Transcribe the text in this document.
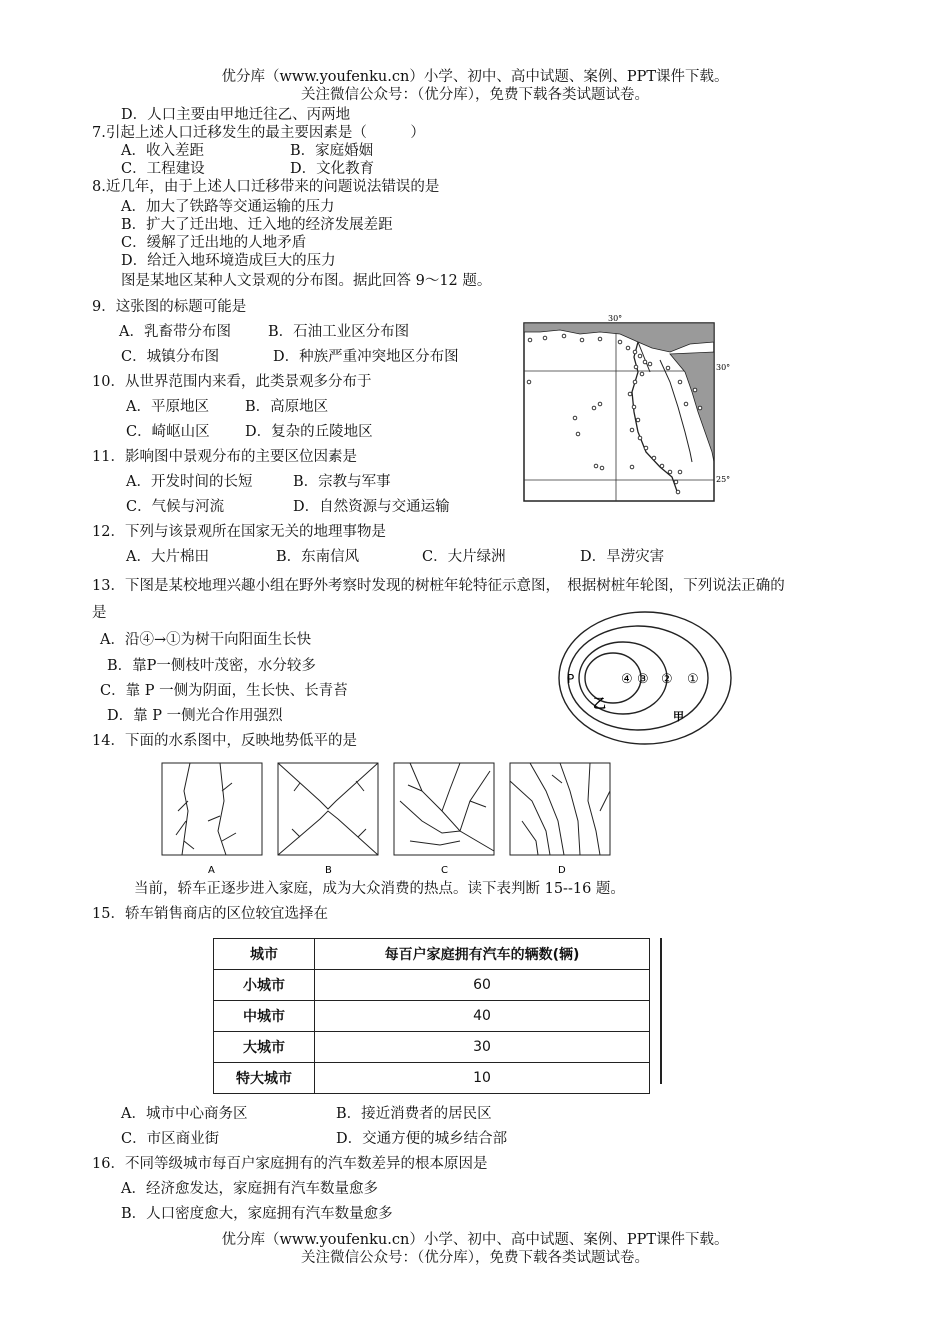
优分库（www.youfenku.cn）小学、初中、高中试题、案例、PPT课件下载。
关注微信公众号：（优分库），免费下载各类试题试卷。
D．人口主要由甲地迁往乙、丙两地
7.引起上述人口迁移发生的最主要因素是（　　　）
A．收入差距	B．家庭婚姻
C．工程建设	D．文化教育
8.近几年，由于上述人口迁移带来的问题说法错误的是
A．加大了铁路等交通运输的压力
B．扩大了迁出地、迁入地的经济发展差距
C．缓解了迁出地的人地矛盾
D．给迁入地环境造成巨大的压力
图是某地区某种人文景观的分布图。据此回答 9～12 题。
9．这张图的标题可能是
A．乳畜带分布图	B．石油工业区分布图
C．城镇分布图	D．种族严重冲突地区分布图
10．从世界范围内来看，此类景观多分布于
A．平原地区 B．高原地区
C．崎岖山区 D．复杂的丘陵地区
11．影响图中景观分布的主要区位因素是
A．开发时间的长短	B．宗教与军事
C．气候与河流	D．自然资源与交通运输
12．下列与该景观所在国家无关的地理事物是
A．大片棉田	B．东南信风	C．大片绿洲	D．旱涝灾害
30°
30°
25°
13．下图是某校地理兴趣小组在野外考察时发现的树桩年轮特征示意图，　根据树桩年轮图，下列说法正确的
是
A．沿④→①为树干向阳面生长快
B．靠P一侧枝叶茂密，水分较多
C．靠 P 一侧为阴面，生长快、长青苔
D．靠 P 一侧光合作用强烈
④ ③ ② ①
P
乙
甲
14．下面的水系图中，反映地势低平的是
A	B	C	D
当前，轿车正逐步进入家庭，成为大众消费的热点。读下表判断 15--16 题。
15．轿车销售商店的区位较宜选择在
城市	每百户家庭拥有汽车的辆数(辆)
小城市	60
中城市	40
大城市	30
特大城市	10
A．城市中心商务区	B．接近消费者的居民区
C．市区商业街	D．交通方便的城乡结合部
16．不同等级城市每百户家庭拥有的汽车数差异的根本原因是
A．经济愈发达，家庭拥有汽车数量愈多
B．人口密度愈大，家庭拥有汽车数量愈多
优分库（www.youfenku.cn）小学、初中、高中试题、案例、PPT课件下载。
关注微信公众号：（优分库），免费下载各类试题试卷。
